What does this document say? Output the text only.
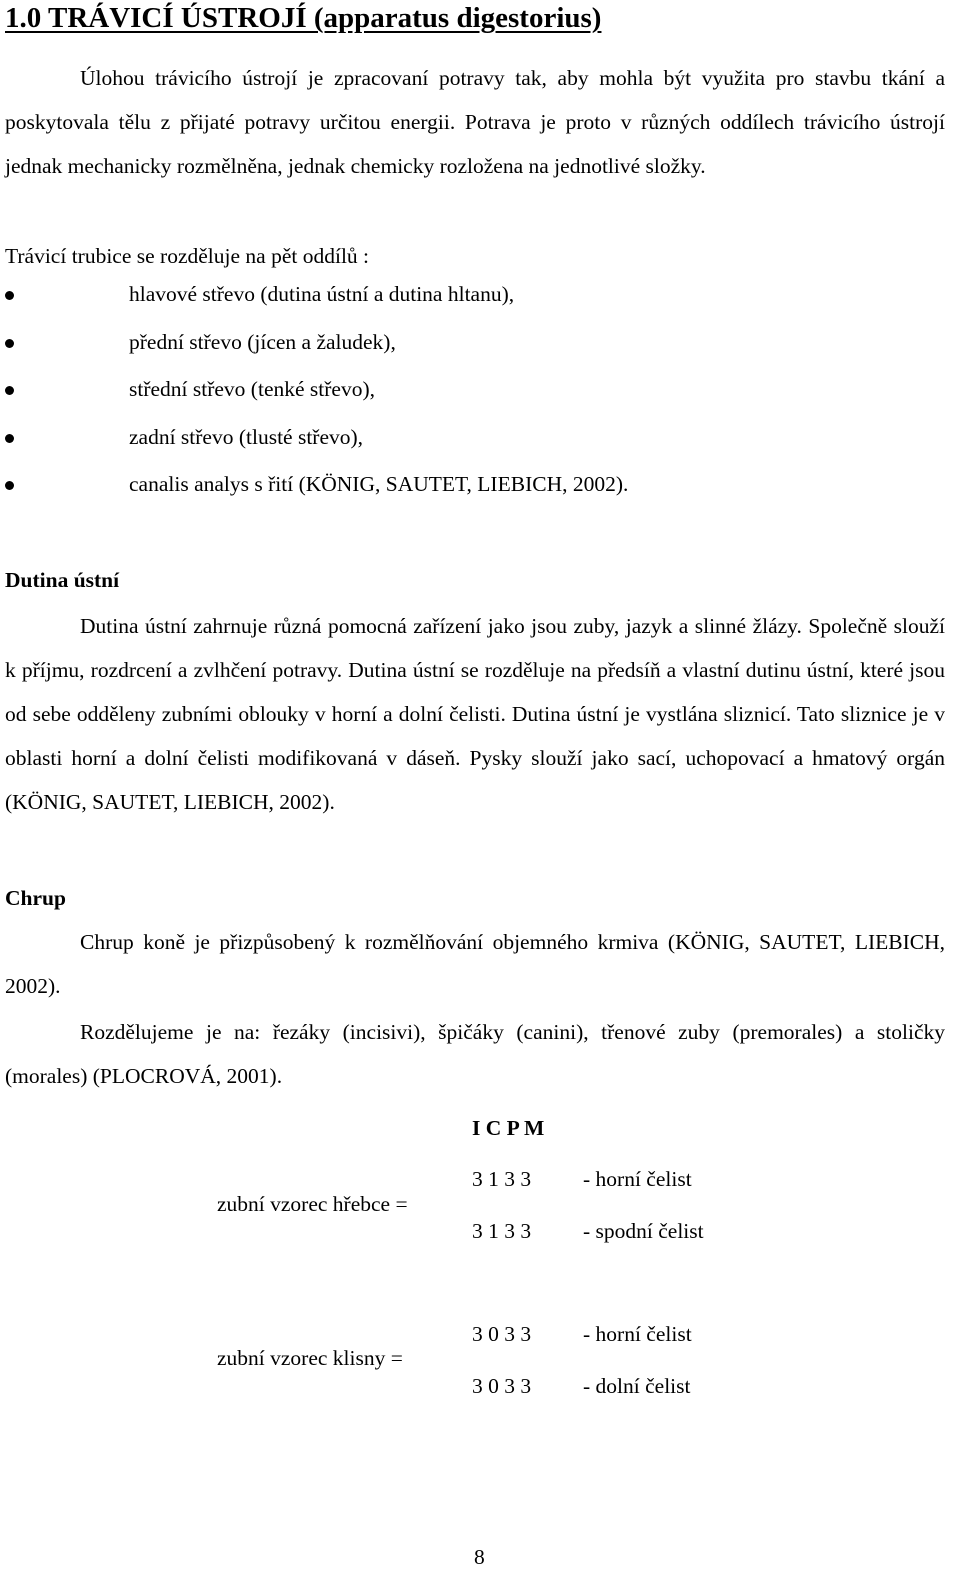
1.0 TRÁVICÍ ÚSTROJÍ (apparatus digestorius)

Úlohou trávicího ústrojí je zpracovaní potravy tak, aby mohla být využita pro stavbu tkání a poskytovala tělu z přijaté potravy určitou energii. Potrava je proto v různých oddílech trávicího ústrojí jednak mechanicky rozmělněna, jednak chemicky rozložena na jednotlivé složky.

Trávicí trubice se rozděluje na pět oddílů :
hlavové střevo (dutina ústní a dutina hltanu),
přední střevo (jícen a žaludek),
střední střevo (tenké střevo),
zadní střevo (tlusté střevo),
canalis analys s řití (KÖNIG, SAUTET, LIEBICH, 2002).
Dutina ústní

Dutina ústní zahrnuje různá pomocná zařízení jako jsou zuby, jazyk a slinné žlázy. Společně slouží k příjmu, rozdrcení a zvlhčení potravy. Dutina ústní se rozděluje na předsíň a vlastní dutinu ústní, které jsou od sebe odděleny zubními oblouky v horní a dolní čelisti. Dutina ústní je vystlána sliznicí. Tato sliznice je v oblasti horní a dolní čelisti modifikovaná v dáseň. Pysky slouží jako sací, uchopovací a hmatový orgán (KÖNIG, SAUTET, LIEBICH, 2002).

Chrup

Chrup koně je přizpůsobený k rozmělňování objemného krmiva (KÖNIG, SAUTET, LIEBICH, 2002).

Rozdělujeme je na: řezáky (incisivi), špičáky (canini), třenové zuby (premorales) a stoličky (morales) (PLOCROVÁ, 2001).

I C P M
zubní vzorec hřebce =
3 1 3 3 - horní čelist
3 1 3 3 - spodní čelist
zubní vzorec klisny =
3 0 3 3 - horní čelist
3 0 3 3 - dolní čelist
8
